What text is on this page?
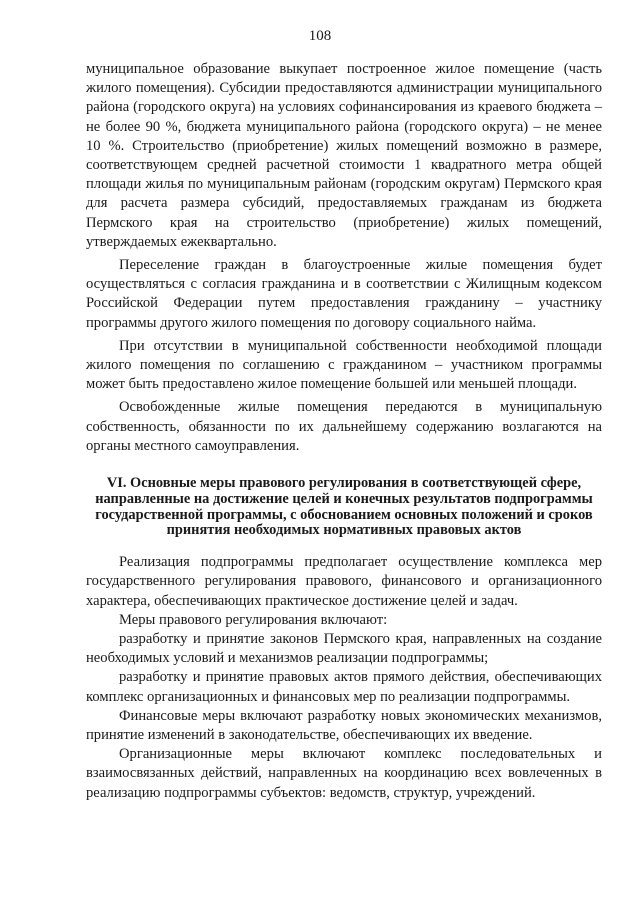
108

муниципальное образование выкупает построенное жилое помещение (часть жилого помещения). Субсидии предоставляются администрации муниципального района (городского округа) на условиях софинансирования из краевого бюджета – не более 90 %, бюджета муниципального района (городского округа) – не менее 10 %. Строительство (приобретение) жилых помещений возможно в размере, соответствующем средней расчетной стоимости 1 квадратного метра общей площади жилья по муниципальным районам (городским округам) Пермского края для расчета размера субсидий, предоставляемых гражданам из бюджета Пермского края на строительство (приобретение) жилых помещений, утверждаемых ежеквартально.

Переселение граждан в благоустроенные жилые помещения будет осуществляться с согласия гражданина и в соответствии с Жилищным кодексом Российской Федерации путем предоставления гражданину – участнику программы другого жилого помещения по договору социального найма.

При отсутствии в муниципальной собственности необходимой площади жилого помещения по соглашению с гражданином – участником программы может быть предоставлено жилое помещение большей или меньшей площади.

Освобожденные жилые помещения передаются в муниципальную собственность, обязанности по их дальнейшему содержанию возлагаются на органы местного самоуправления.

VI. Основные меры правового регулирования в соответствующей сфере, направленные на достижение целей и конечных результатов подпрограммы государственной программы, с обоснованием основных положений и сроков принятия необходимых нормативных правовых актов

Реализация подпрограммы предполагает осуществление комплекса мер государственного регулирования правового, финансового и организационного характера, обеспечивающих практическое достижение целей и задач.

Меры правового регулирования включают:

разработку и принятие законов Пермского края, направленных на создание необходимых условий и механизмов реализации подпрограммы;

разработку и принятие правовых актов прямого действия, обеспечивающих комплекс организационных и финансовых мер по реализации подпрограммы.

Финансовые меры включают разработку новых экономических механизмов, принятие изменений в законодательстве, обеспечивающих их введение.

Организационные меры включают комплекс последовательных и взаимосвязанных действий, направленных на координацию всех вовлеченных в реализацию подпрограммы субъектов: ведомств, структур, учреждений.
